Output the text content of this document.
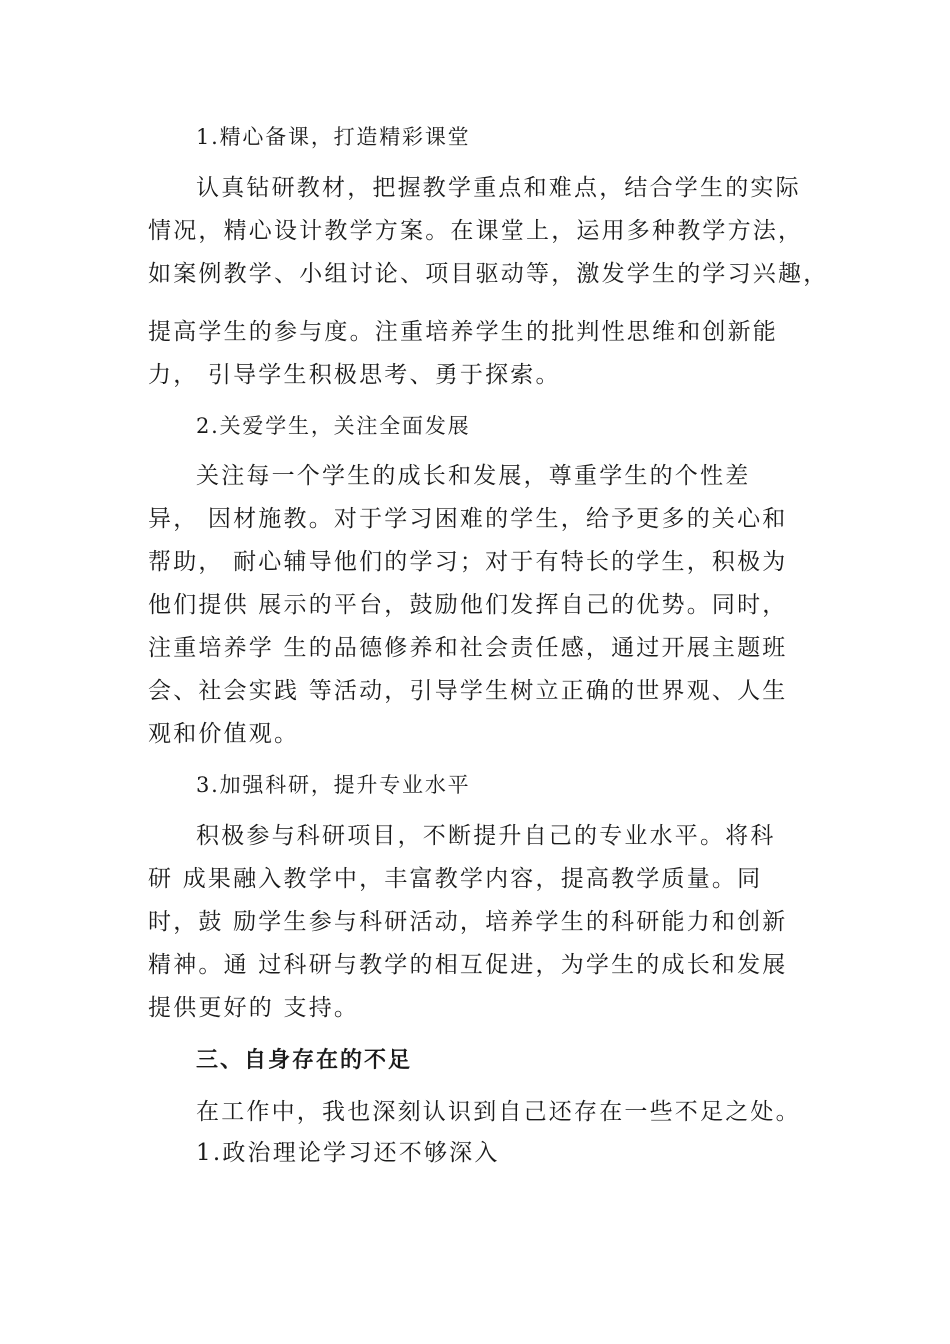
1.精心备课，打造精彩课堂
认真钻研教材，把握教学重点和难点，结合学生的实际
情况，精心设计教学方案。在课堂上，运用多种教学方法，
如案例教学、小组讨论、项目驱动等，激发学生的学习兴趣，
提高学生的参与度。注重培养学生的批判性思维和创新能
力， 引导学生积极思考、勇于探索。
2.关爱学生，关注全面发展
关注每一个学生的成长和发展，尊重学生的个性差
异， 因材施教。对于学习困难的学生，给予更多的关心和
帮助， 耐心辅导他们的学习；对于有特长的学生，积极为
他们提供 展示的平台，鼓励他们发挥自己的优势。同时，
注重培养学 生的品德修养和社会责任感，通过开展主题班
会、社会实践 等活动，引导学生树立正确的世界观、人生
观和价值观。
3.加强科研，提升专业水平
积极参与科研项目，不断提升自己的专业水平。将科
研 成果融入教学中，丰富教学内容，提高教学质量。同
时，鼓 励学生参与科研活动，培养学生的科研能力和创新
精神。通 过科研与教学的相互促进，为学生的成长和发展
提供更好的 支持。
三、自身存在的不足
在工作中，我也深刻认识到自己还存在一些不足之处。
1.政治理论学习还不够深入
